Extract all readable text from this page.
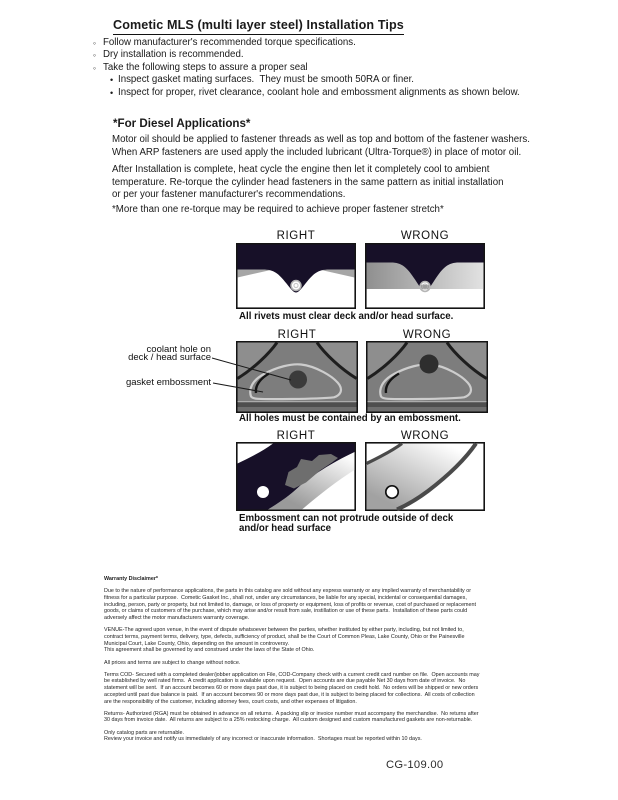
Cometic MLS (multi layer steel) Installation Tips
◦ Follow manufacturer's recommended torque specifications.
◦ Dry installation is recommended.
◦ Take the following steps to assure a proper seal
• Inspect gasket mating surfaces.  They must be smooth 50RA or finer.
• Inspect for proper, rivet clearance, coolant hole and embossment alignments as shown below.
*For Diesel Applications*
Motor oil should be applied to fastener threads as well as top and bottom of the fastener washers.
When ARP fasteners are used apply the included lubricant (Ultra-Torque®) in place of motor oil.
After Installation is complete, heat cycle the engine then let it completely cool to ambient
temperature. Re-torque the cylinder head fasteners in the same pattern as initial installation
or per your fastener manufacturer's recommendations.
*More than one re-torque may be required to achieve proper fastener stretch*
RIGHT	WRONG
All rivets must clear deck and/or head surface.
RIGHT	WRONG
coolant hole on
deck / head surface
gasket embossment
All holes must be contained by an embossment.
RIGHT	WRONG
Embossment can not protrude outside of deck
and/or head surface
Warranty Disclaimer*
Due to the nature of performance applications, the parts in this catalog are sold without any express warranty or any implied warranty of merchantability or
fitness for a particular purpose.  Cometic Gasket Inc., shall not, under any circumstances, be liable for any special, incidental or consequential damages,
including, person, party or property, but not limited to, damage, or loss of property or equipment, loss of profits or revenue, cost of purchased or replacement
goods, or claims of customers of the purchase, which may arise and/or result from sale, instillation or use of these parts.  Installation of these parts could
adversely affect the motor manufacturers warranty coverage.
VENUE-The agreed upon venue, in the event of dispute whatsoever between the parties, whether instituted by either party, including, but not limited to,
contract terms, payment terms, delivery, type, defects, sufficiency of product, shall be the Court of Common Pleas, Lake County, Ohio or the Painesville
Municipal Court, Lake County, Ohio, depending on the amount in controversy.
This agreement shall be governed by and construed under the laws of the State of Ohio.
All prices and terms are subject to change without notice.
Terms COD- Secured with a completed dealer/jobber application on File, COD-Company check with a current credit card number on file.  Open accounts may
be established by well rated firms.  A credit application is available upon request.  Open accounts are due payable Net 30 days from date of invoice.  No
statement will be sent.  If an account becomes 60 or more days past due, it is subject to being placed on credit hold.  No orders will be shipped or new orders
accepted until past due balance is paid.  If an account becomes 90 or more days past due, it is subject to being placed for collections.  All costs of collection
are the responsibility of the customer, including attorney fees, court costs, and other expenses of litigation.
Returns- Authorized (RGA) must be obtained in advance on all returns.  A packing slip or invoice number must accompany the merchandise.  No returns after
30 days from invoice date.  All returns are subject to a 25% restocking charge.  All custom designed and custom manufactured gaskets are non-returnable.
Only catalog parts are returnable.
Review your invoice and notify us immediately of any incorrect or inaccurate information.  Shortages must be reported within 10 days.
CG-109.00
